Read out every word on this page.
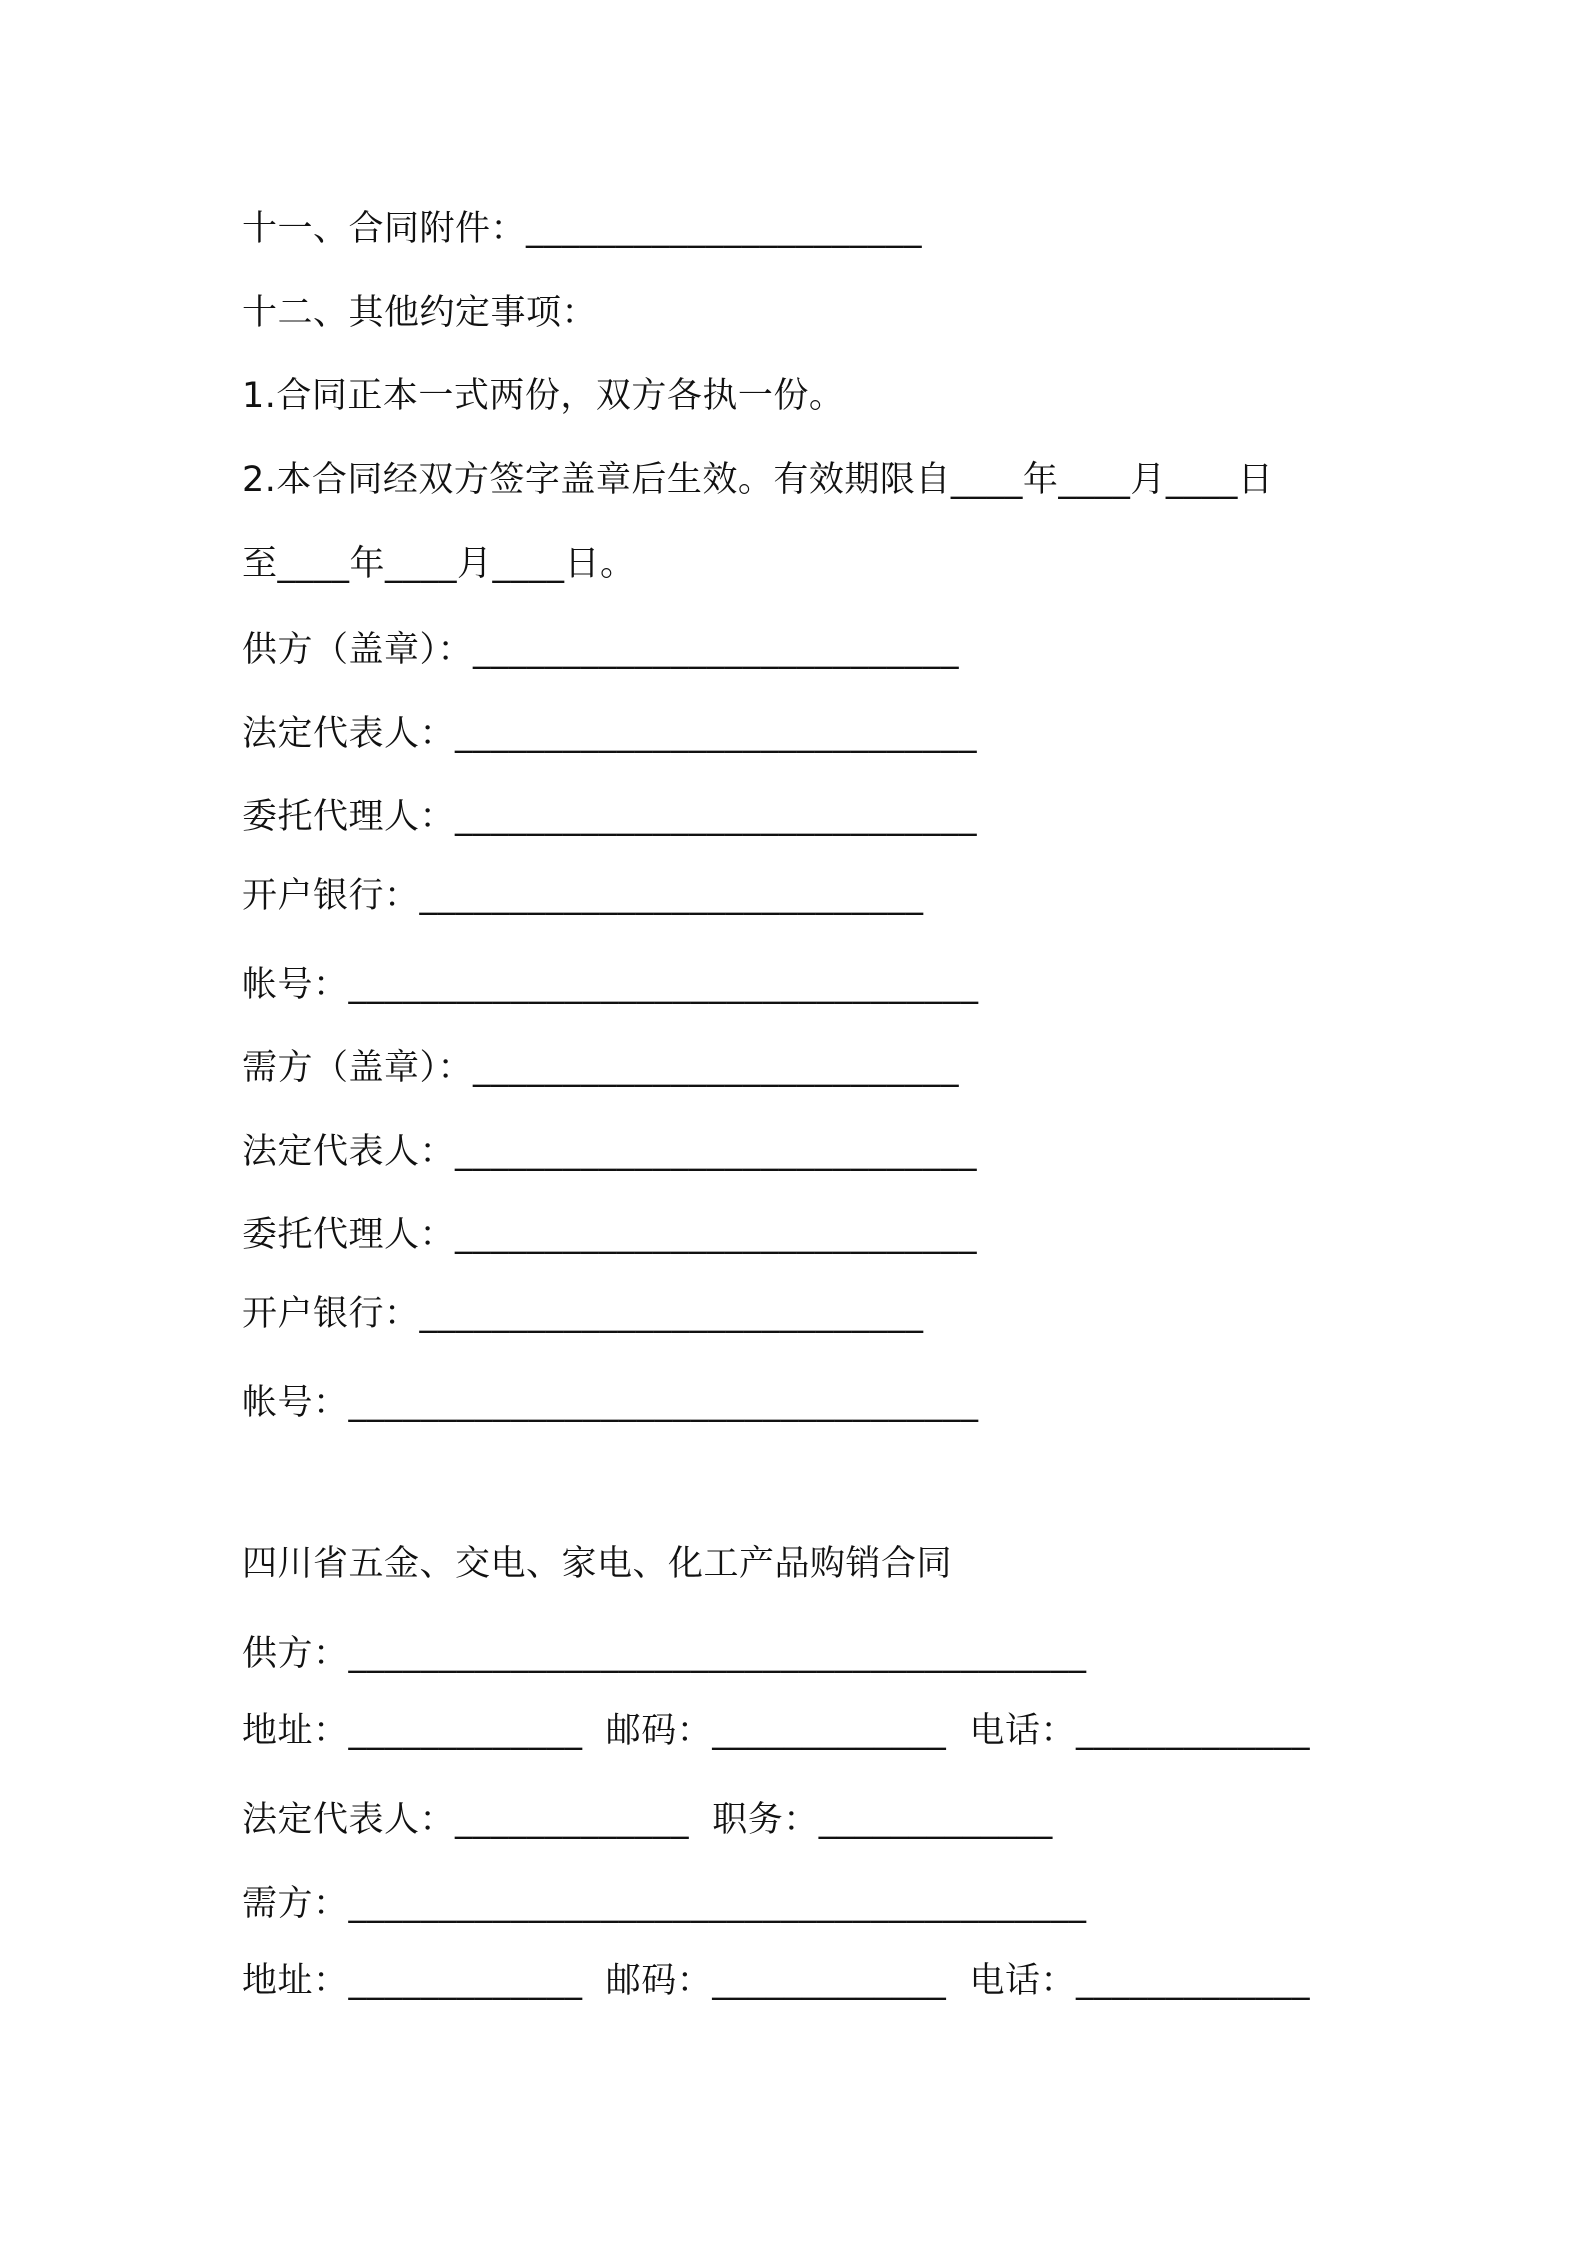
十一、合同附件：______________________
十二、其他约定事项：
1.合同正本一式两份，双方各执一份。
2.本合同经双方签字盖章后生效。有效期限自____年____月____日
至____年____月____日。
供方（盖章）：___________________________
法定代表人：_____________________________
委托代理人：_____________________________
开户银行：____________________________
帐号：___________________________________
需方（盖章）：___________________________
法定代表人：_____________________________
委托代理人：_____________________________
开户银行：____________________________
帐号：___________________________________
四川省五金、交电、家电、化工产品购销合同
供方：_________________________________________
地址：_____________  邮码：_____________  电话：_____________
法定代表人：_____________  职务：_____________
需方：_________________________________________
地址：_____________  邮码：_____________  电话：_____________
